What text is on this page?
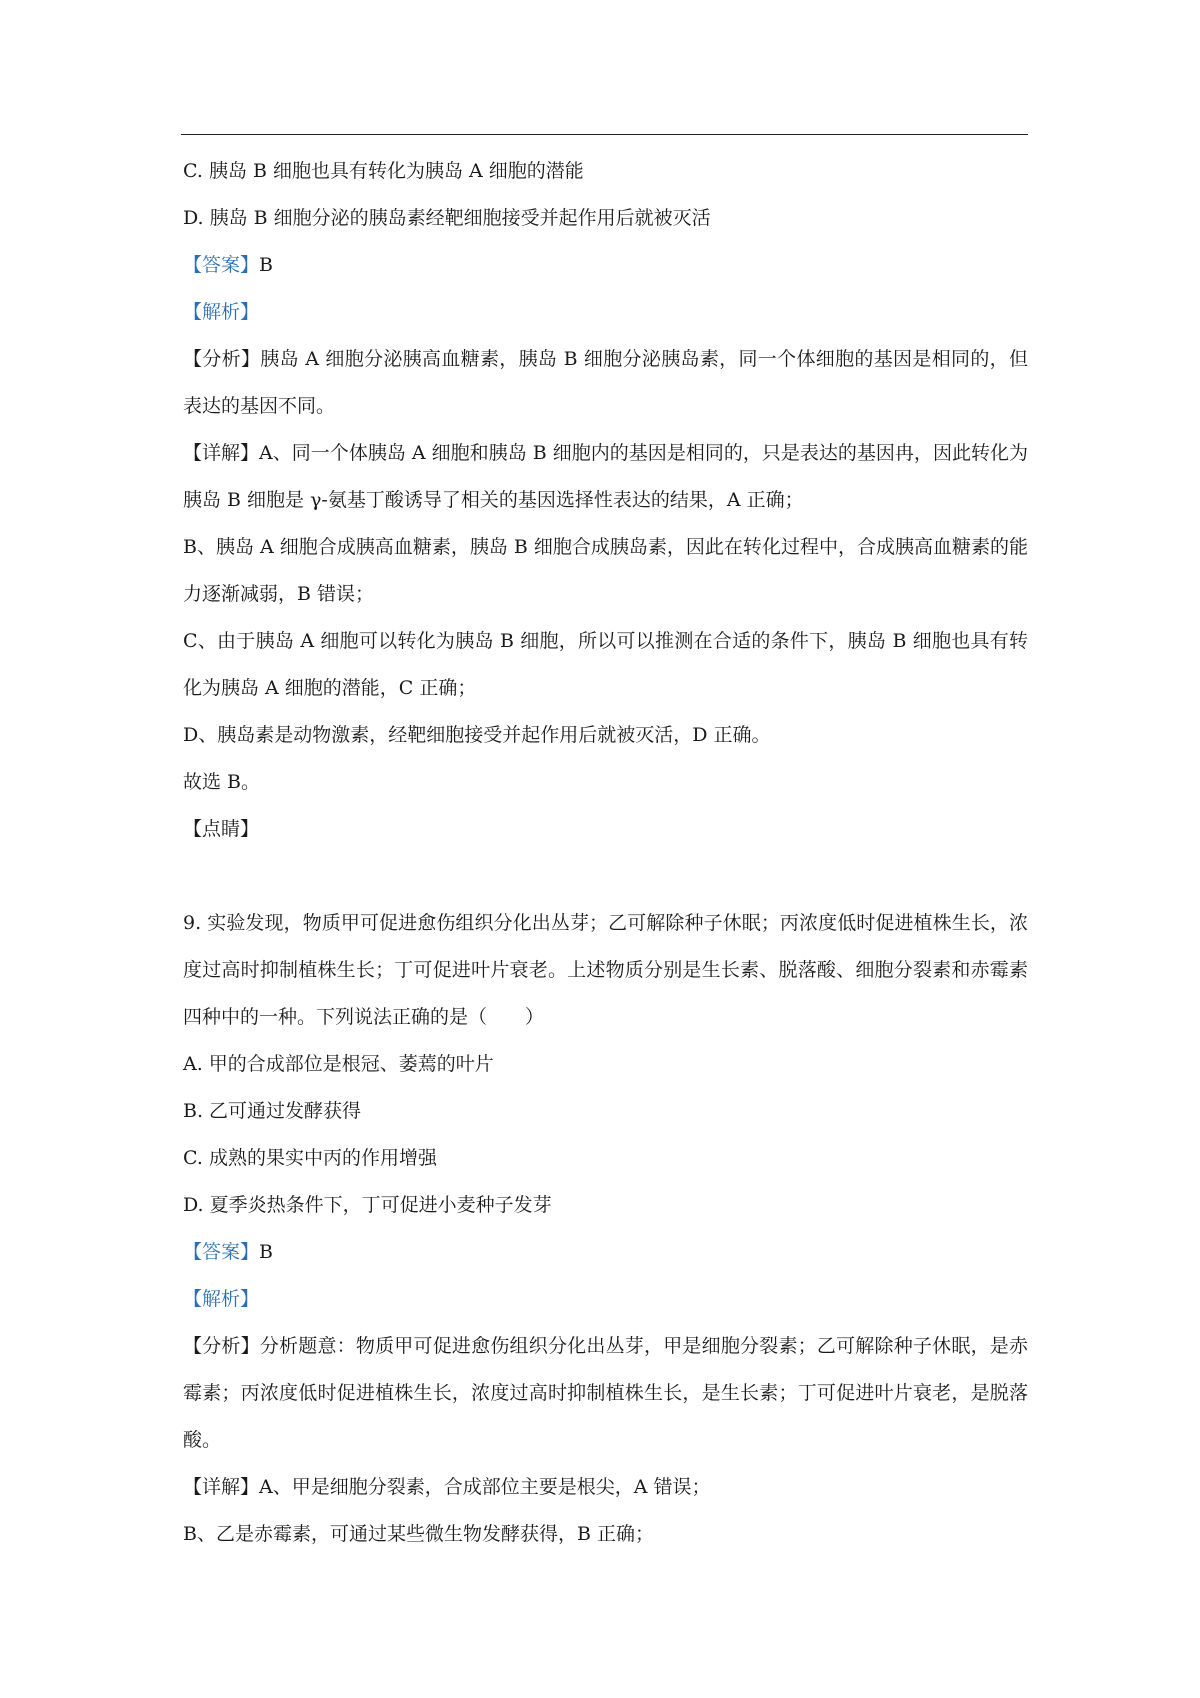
C. 胰岛 B 细胞也具有转化为胰岛 A 细胞的潜能
D. 胰岛 B 细胞分泌的胰岛素经靶细胞接受并起作用后就被灭活
【答案】B
【解析】
【分析】胰岛 A 细胞分泌胰高血糖素，胰岛 B 细胞分泌胰岛素，同一个体细胞的基因是相同的，但表达的基因不同。
【详解】A、同一个体胰岛 A 细胞和胰岛 B 细胞内的基因是相同的，只是表达的基因冉，因此转化为胰岛 B 细胞是 γ-氨基丁酸诱导了相关的基因选择性表达的结果，A 正确；
B、胰岛 A 细胞合成胰高血糖素，胰岛 B 细胞合成胰岛素，因此在转化过程中，合成胰高血糖素的能力逐渐减弱，B 错误；
C、由于胰岛 A 细胞可以转化为胰岛 B 细胞，所以可以推测在合适的条件下，胰岛 B 细胞也具有转化为胰岛 A 细胞的潜能，C 正确；
D、胰岛素是动物激素，经靶细胞接受并起作用后就被灭活，D 正确。
故选 B。
【点睛】
9. 实验发现，物质甲可促进愈伤组织分化出丛芽；乙可解除种子休眠；丙浓度低时促进植株生长，浓度过高时抑制植株生长；丁可促进叶片衰老。上述物质分别是生长素、脱落酸、细胞分裂素和赤霉素四种中的一种。下列说法正确的是（　　）
A. 甲的合成部位是根冠、萎蔫的叶片
B. 乙可通过发酵获得
C. 成熟的果实中丙的作用增强
D. 夏季炎热条件下，丁可促进小麦种子发芽
【答案】B
【解析】
【分析】分析题意：物质甲可促进愈伤组织分化出丛芽，甲是细胞分裂素；乙可解除种子休眠，是赤霉素；丙浓度低时促进植株生长，浓度过高时抑制植株生长，是生长素；丁可促进叶片衰老，是脱落酸。
【详解】A、甲是细胞分裂素，合成部位主要是根尖，A 错误；
B、乙是赤霉素，可通过某些微生物发酵获得，B 正确；
